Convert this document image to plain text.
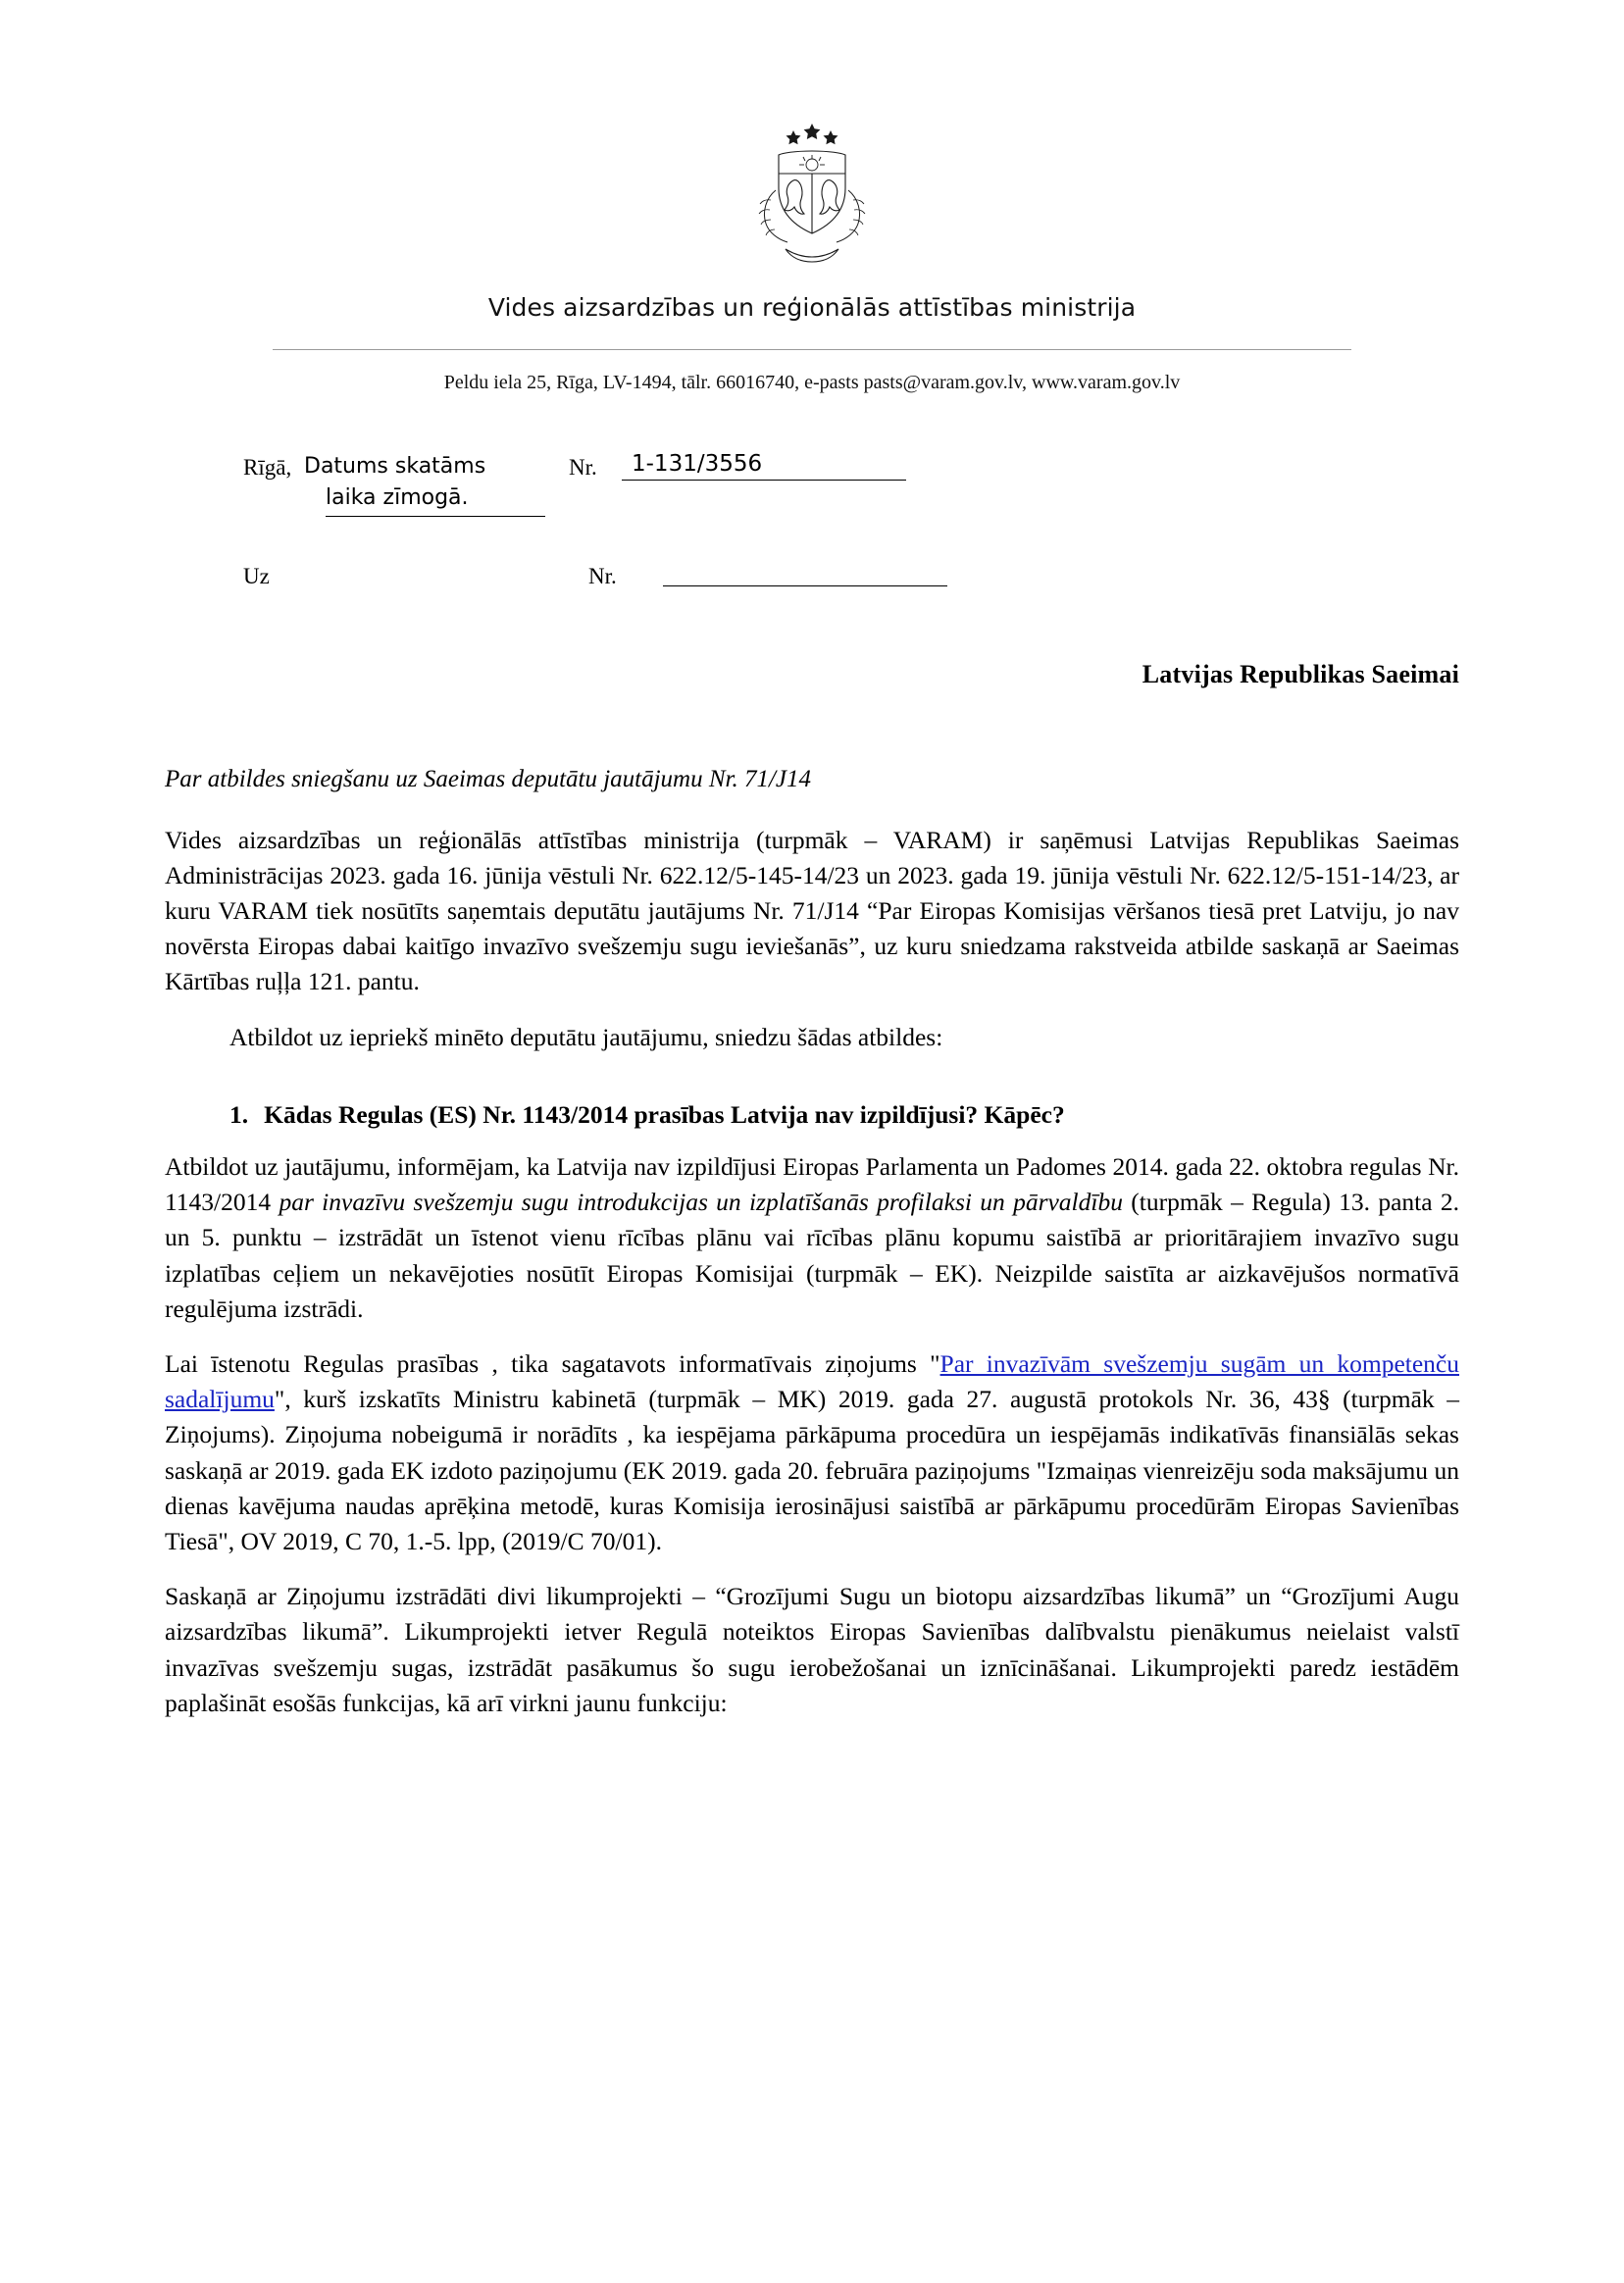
Vides aizsardzības un reģionālās attīstības ministrija
Peldu iela 25, Rīga, LV-1494, tālr. 66016740, e-pasts pasts@varam.gov.lv, www.varam.gov.lv
Rīgā, Datums skatāms
laika zīmogā.
Nr.	1-131/3556
Uz	Nr.
Latvijas Republikas Saeimai
Par atbildes sniegšanu uz Saeimas deputātu jautājumu Nr. 71/J14

Vides aizsardzības un reģionālās attīstības ministrija (turpmāk – VARAM) ir saņēmusi Latvijas Republikas Saeimas Administrācijas 2023. gada 16. jūnija vēstuli Nr. 622.12/5-145-14/23 un 2023. gada 19. jūnija vēstuli Nr. 622.12/5-151-14/23, ar kuru VARAM tiek nosūtīts saņemtais deputātu jautājums Nr. 71/J14 “Par Eiropas Komisijas vēršanos tiesā pret Latviju, jo nav novērsta Eiropas dabai kaitīgo invazīvo svešzemju sugu ieviešanās”, uz kuru sniedzama rakstveida atbilde saskaņā ar Saeimas Kārtības ruļļa 121. pantu.

Atbildot uz iepriekš minēto deputātu jautājumu, sniedzu šādas atbildes:

1. Kādas Regulas (ES) Nr. 1143/2014 prasības Latvija nav izpildījusi? Kāpēc?

Atbildot uz jautājumu, informējam, ka Latvija nav izpildījusi Eiropas Parlamenta un Padomes 2014. gada 22. oktobra regulas Nr. 1143/2014 par invazīvu svešzemju sugu introdukcijas un izplatīšanās profilaksi un pārvaldību (turpmāk – Regula) 13. panta 2. un 5. punktu – izstrādāt un īstenot vienu rīcības plānu vai rīcības plānu kopumu saistībā ar prioritārajiem invazīvo sugu izplatības ceļiem un nekavējoties nosūtīt Eiropas Komisijai (turpmāk – EK). Neizpilde saistīta ar aizkavējušos normatīvā regulējuma izstrādi.

Lai īstenotu Regulas prasības , tika sagatavots informatīvais ziņojums "Par invazīvām svešzemju sugām un kompetenču sadalījumu", kurš izskatīts Ministru kabinetā (turpmāk – MK) 2019. gada 27. augustā protokols Nr. 36, 43§ (turpmāk – Ziņojums). Ziņojuma nobeigumā ir norādīts , ka iespējama pārkāpuma procedūra un iespējamās indikatīvās finansiālās sekas saskaņā ar 2019. gada EK izdoto paziņojumu (EK 2019. gada 20. februāra paziņojums "Izmaiņas vienreizēju soda maksājumu un dienas kavējuma naudas aprēķina metodē, kuras Komisija ierosinājusi saistībā ar pārkāpumu procedūrām Eiropas Savienības Tiesā", OV 2019, C 70, 1.-5. lpp, (2019/C 70/01).

Saskaņā ar Ziņojumu izstrādāti divi likumprojekti – “Grozījumi Sugu un biotopu aizsardzības likumā” un “Grozījumi Augu aizsardzības likumā”. Likumprojekti ietver Regulā noteiktos Eiropas Savienības dalībvalstu pienākumus neielaist valstī invazīvas svešzemju sugas, izstrādāt pasākumus šo sugu ierobežošanai un iznīcināšanai. Likumprojekti paredz iestādēm paplašināt esošās funkcijas, kā arī virkni jaunu funkciju:
